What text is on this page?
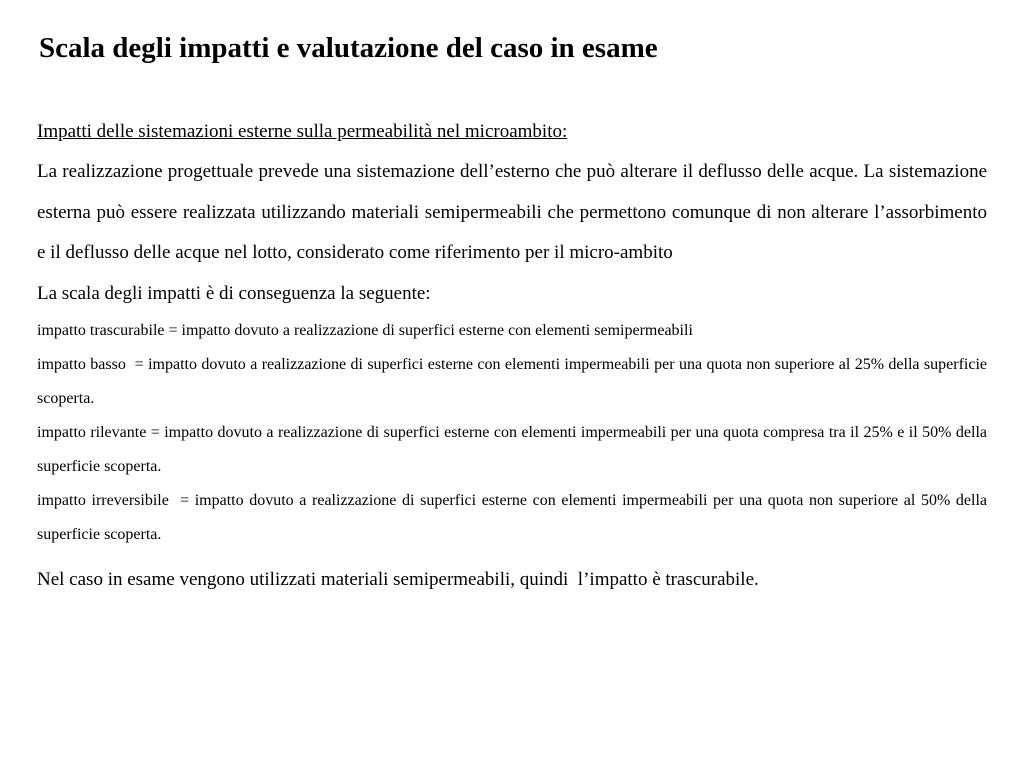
Scala degli impatti e valutazione del caso in esame

Impatti delle sistemazioni esterne sulla permeabilità nel microambito:

La realizzazione progettuale prevede una sistemazione dell’esterno che può alterare il deflusso delle acque. La sistemazione esterna può essere realizzata utilizzando materiali semipermeabili che permettono comunque di non alterare l’assorbimento e il deflusso delle acque nel lotto, considerato come riferimento per il micro-ambito

La scala degli impatti è di conseguenza la seguente:

impatto trascurabile = impatto dovuto a realizzazione di superfici esterne con elementi semipermeabili
impatto basso  = impatto dovuto a realizzazione di superfici esterne con elementi impermeabili per una quota non superiore al 25% della superficie scoperta.
impatto rilevante = impatto dovuto a realizzazione di superfici esterne con elementi impermeabili per una quota compresa tra il 25% e il 50% della superficie scoperta.
impatto irreversibile  = impatto dovuto a realizzazione di superfici esterne con elementi impermeabili per una quota non superiore al 50% della superficie scoperta.

Nel caso in esame vengono utilizzati materiali semipermeabili, quindi  l’impatto è trascurabile.
